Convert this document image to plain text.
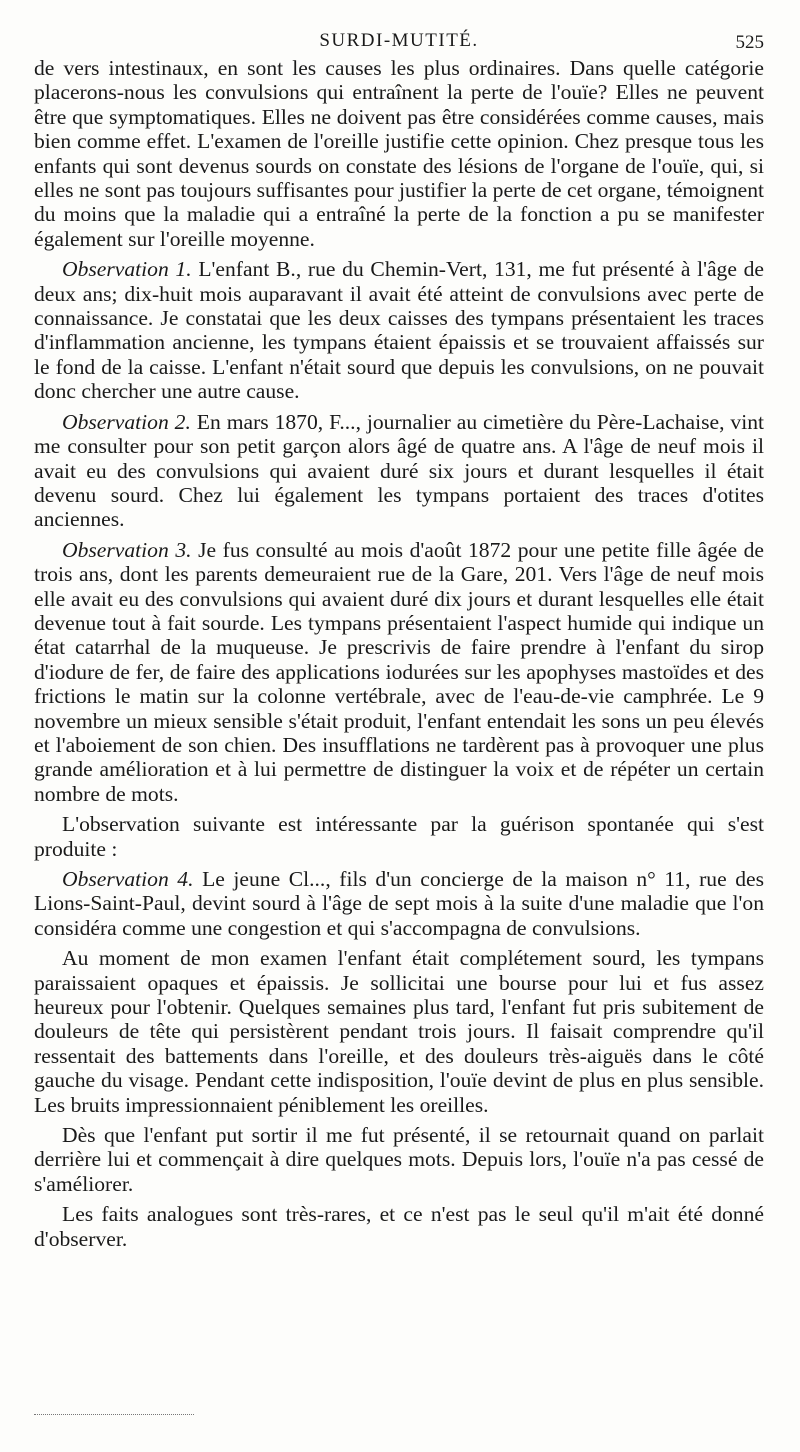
SURDI-MUTITÉ.	525

de vers intestinaux, en sont les causes les plus ordinaires. Dans quelle catégorie placerons-nous les convulsions qui entraînent la perte de l'ouïe? Elles ne peuvent être que symptomatiques. Elles ne doivent pas être considérées comme causes, mais bien comme effet. L'examen de l'oreille justifie cette opinion. Chez presque tous les enfants qui sont devenus sourds on constate des lésions de l'organe de l'ouïe, qui, si elles ne sont pas toujours suffisantes pour justifier la perte de cet organe, témoignent du moins que la maladie qui a entraîné la perte de la fonction a pu se manifester également sur l'oreille moyenne.

Observation 1. L'enfant B., rue du Chemin-Vert, 131, me fut présenté à l'âge de deux ans; dix-huit mois auparavant il avait été atteint de convulsions avec perte de connaissance. Je constatai que les deux caisses des tympans présentaient les traces d'inflammation ancienne, les tympans étaient épaissis et se trouvaient affaissés sur le fond de la caisse. L'enfant n'était sourd que depuis les convulsions, on ne pouvait donc chercher une autre cause.

Observation 2. En mars 1870, F..., journalier au cimetière du Père-Lachaise, vint me consulter pour son petit garçon alors âgé de quatre ans. A l'âge de neuf mois il avait eu des convulsions qui avaient duré six jours et durant lesquelles il était devenu sourd. Chez lui également les tympans portaient des traces d'otites anciennes.

Observation 3. Je fus consulté au mois d'août 1872 pour une petite fille âgée de trois ans, dont les parents demeuraient rue de la Gare, 201. Vers l'âge de neuf mois elle avait eu des convulsions qui avaient duré dix jours et durant lesquelles elle était devenue tout à fait sourde. Les tympans présentaient l'aspect humide qui indique un état catarrhal de la muqueuse. Je prescrivis de faire prendre à l'enfant du sirop d'iodure de fer, de faire des applications iodurées sur les apophyses mastoïdes et des frictions le matin sur la colonne vertébrale, avec de l'eau-de-vie camphrée. Le 9 novembre un mieux sensible s'était produit, l'enfant entendait les sons un peu élevés et l'aboiement de son chien. Des insufflations ne tardèrent pas à provoquer une plus grande amélioration et à lui permettre de distinguer la voix et de répéter un certain nombre de mots.

L'observation suivante est intéressante par la guérison spontanée qui s'est produite :

Observation 4. Le jeune Cl..., fils d'un concierge de la maison n° 11, rue des Lions-Saint-Paul, devint sourd à l'âge de sept mois à la suite d'une maladie que l'on considéra comme une congestion et qui s'accompagna de convulsions.

Au moment de mon examen l'enfant était complétement sourd, les tympans paraissaient opaques et épaissis. Je sollicitai une bourse pour lui et fus assez heureux pour l'obtenir. Quelques semaines plus tard, l'enfant fut pris subitement de douleurs de tête qui persistèrent pendant trois jours. Il faisait comprendre qu'il ressentait des battements dans l'oreille, et des douleurs très-aiguës dans le côté gauche du visage. Pendant cette indisposition, l'ouïe devint de plus en plus sensible. Les bruits impressionnaient péniblement les oreilles.

Dès que l'enfant put sortir il me fut présenté, il se retournait quand on parlait derrière lui et commençait à dire quelques mots. Depuis lors, l'ouïe n'a pas cessé de s'améliorer.

Les faits analogues sont très-rares, et ce n'est pas le seul qu'il m'ait été donné d'observer.
